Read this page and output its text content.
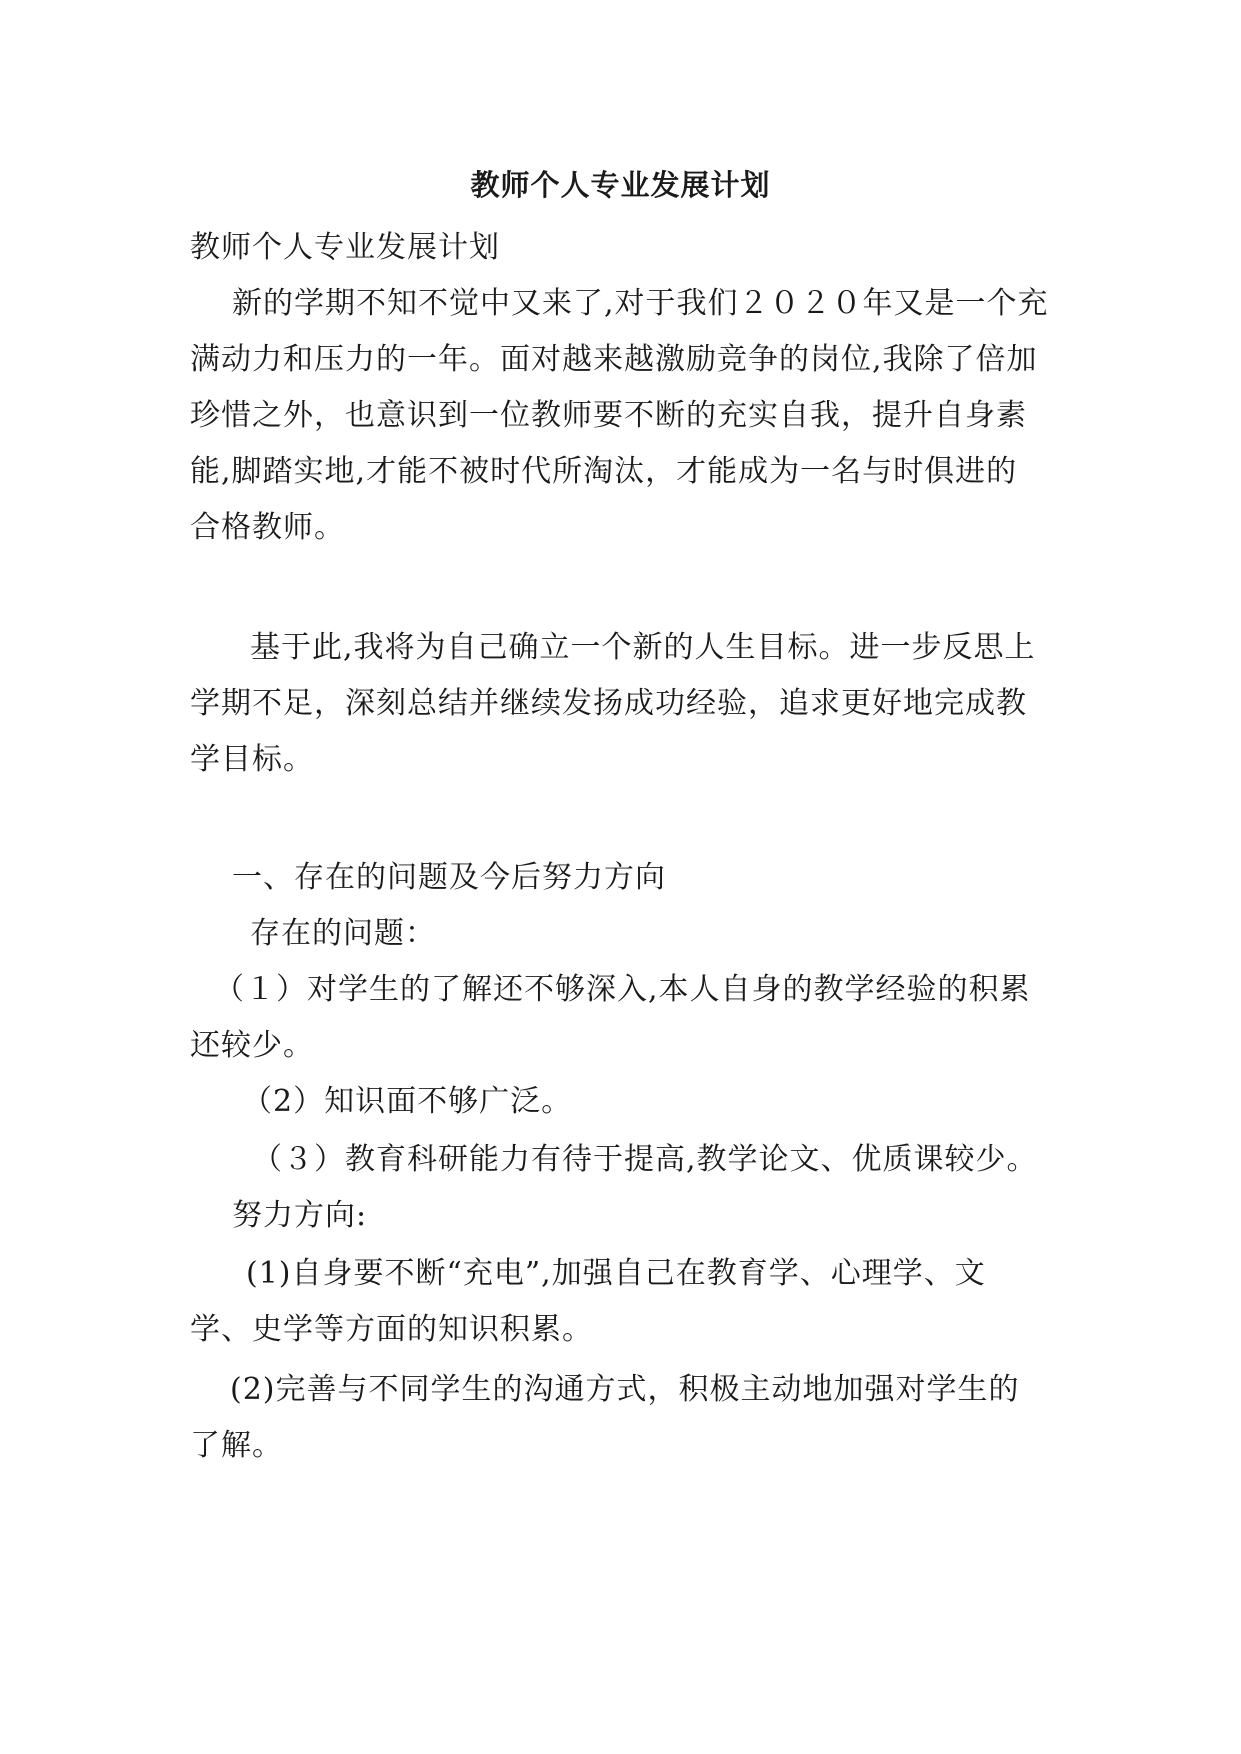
教师个人专业发展计划
教师个人专业发展计划
新的学期不知不觉中又来了,对于我们２０２０年又是一个充
满动力和压力的一年。面对越来越激励竞争的岗位,我除了倍加
珍惜之外，也意识到一位教师要不断的充实自我，提升自身素
能,脚踏实地,才能不被时代所淘汰，才能成为一名与时俱进的
合格教师。
基于此,我将为自己确立一个新的人生目标。进一步反思上
学期不足，深刻总结并继续发扬成功经验，追求更好地完成教
学目标。
一、存在的问题及今后努力方向
存在的问题：
（１）对学生的了解还不够深入,本人自身的教学经验的积累
还较少。
（2）知识面不够广泛。
（３）教育科研能力有待于提高,教学论文、优质课较少。
努力方向:
(1)自身要不断“充电”,加强自己在教育学、心理学、文
学、史学等方面的知识积累。
(2)完善与不同学生的沟通方式，积极主动地加强对学生的
了解。
